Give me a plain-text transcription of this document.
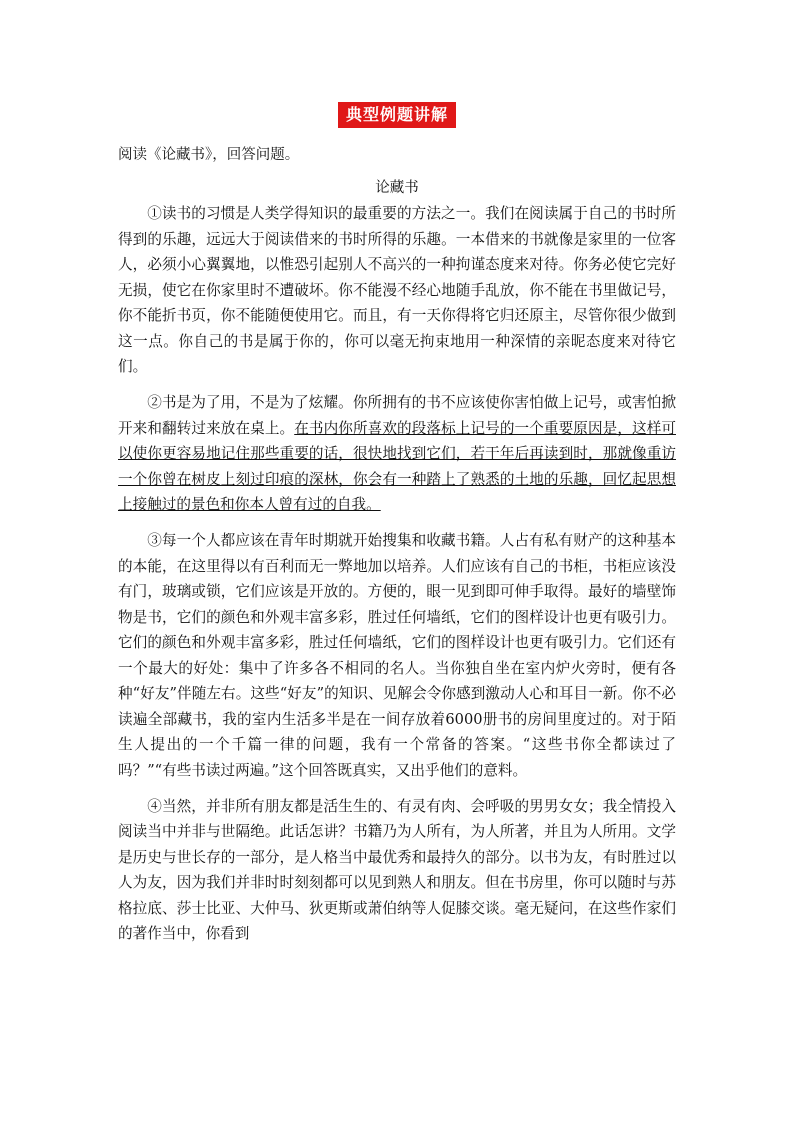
典型例题讲解
阅读《论藏书》，回答问题。
论藏书

①读书的习惯是人类学得知识的最重要的方法之一。我们在阅读属于自己的书时所得到的乐趣，远远大于阅读借来的书时所得的乐趣。一本借来的书就像是家里的一位客人，必须小心翼翼地，以惟恐引起别人不高兴的一种拘谨态度来对待。你务必使它完好无损，使它在你家里时不遭破坏。你不能漫不经心地随手乱放，你不能在书里做记号，你不能折书页，你不能随便使用它。而且，有一天你得将它归还原主，尽管你很少做到这一点。你自己的书是属于你的，你可以毫无拘束地用一种深情的亲昵态度来对待它们。

②书是为了用，不是为了炫耀。你所拥有的书不应该使你害怕做上记号，或害怕掀开来和翻转过来放在桌上。在书内你所喜欢的段落标上记号的一个重要原因是，这样可以使你更容易地记住那些重要的话，很快地找到它们，若干年后再读到时，那就像重访一个你曾在树皮上刻过印痕的深林，你会有一种踏上了熟悉的土地的乐趣，回忆起思想上接触过的景色和你本人曾有过的自我。

③每一个人都应该在青年时期就开始搜集和收藏书籍。人占有私有财产的这种基本的本能，在这里得以有百利而无一弊地加以培养。人们应该有自己的书柜，书柜应该没有门，玻璃或锁，它们应该是开放的。方便的，眼一见到即可伸手取得。最好的墙壁饰物是书，它们的颜色和外观丰富多彩，胜过任何墙纸，它们的图样设计也更有吸引力。它们的颜色和外观丰富多彩，胜过任何墙纸，它们的图样设计也更有吸引力。它们还有一个最大的好处：集中了许多各不相同的名人。当你独自坐在室内炉火旁时，便有各种“好友”伴随左右。这些“好友”的知识、见解会令你感到激动人心和耳目一新。你不必读遍全部藏书，我的室内生活多半是在一间存放着6000册书的房间里度过的。对于陌生人提出的一个千篇一律的问题，我有一个常备的答案。“这些书你全都读过了吗？”“有些书读过两遍。”这个回答既真实，又出乎他们的意料。

④当然，并非所有朋友都是活生生的、有灵有肉、会呼吸的男男女女；我全情投入阅读当中并非与世隔绝。此话怎讲？书籍乃为人所有，为人所著，并且为人所用。文学是历史与世长存的一部分，是人格当中最优秀和最持久的部分。以书为友，有时胜过以人为友，因为我们并非时时刻刻都可以见到熟人和朋友。但在书房里，你可以随时与苏格拉底、莎士比亚、大仲马、狄更斯或萧伯纳等人促膝交谈。毫无疑问，在这些作家们的著作当中，你看到
